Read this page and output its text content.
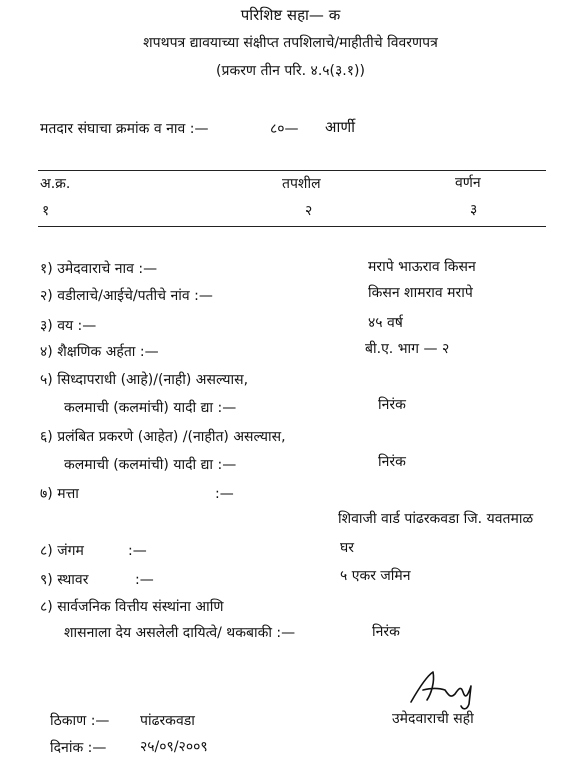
परिशिष्ट सहा— क
शपथपत्र द्यावयाच्या संक्षीप्त तपशिलाचे/माहीतीचे विवरणपत्र
(प्रकरण तीन परि. ४.५(३.१))
मतदार संघाचा क्रमांक व नाव :—	८०— आर्णी
अ.क्र.	तपशील	वर्णन
१	२	३
१) उमेदवाराचे नाव :—	मरापे भाऊराव किसन
२) वडीलाचे/आईचे/पतीचे नांव :—	किसन शामराव मरापे
३) वय :—	४५ वर्ष
४) शैक्षणिक अर्हता :—	बी.ए. भाग — २
५) सिध्दापराधी (आहे)/(नाही) असल्यास,
कलमाची (कलमांची) यादी द्या :—	निरंक
६) प्रलंबित प्रकरणे (आहेत) /(नाहीत) असल्यास,
कलमाची (कलमांची) यादी द्या :—	निरंक
७) मत्ता	:—
शिवाजी वार्ड पांढरकवडा जि. यवतमाळ
८) जंगम	:—	घर
९) स्थावर	:—	५ एकर जमिन
८) सार्वजनिक वित्तीय संस्थांना आणि
शासनाला देय असलेली दायित्वे/ थकबाकी :—	निरंक
उमेदवाराची सही
ठिकाण :— पांढरकवडा
दिनांक :— २५/०९/२००९
